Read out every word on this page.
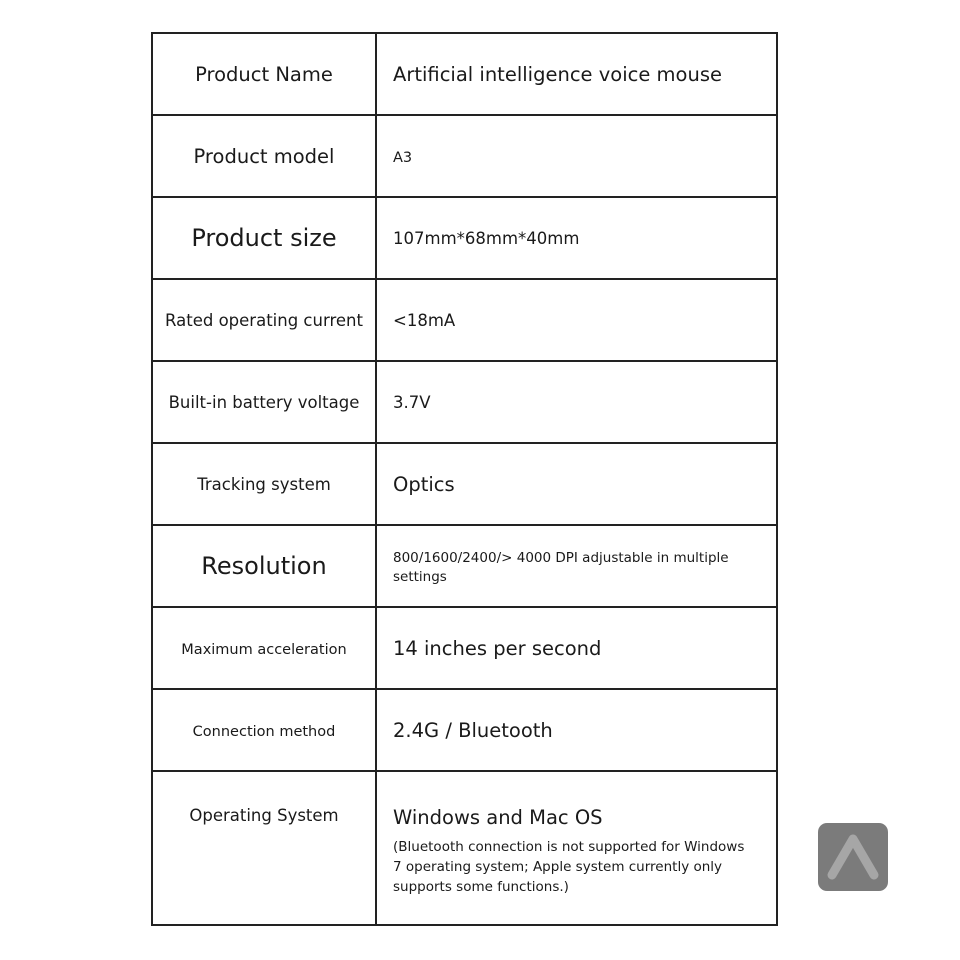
Product Name	Artificial intelligence voice mouse
Product model	A3
Product size	107mm*68mm*40mm
Rated operating current	<18mA
Built-in battery voltage	3.7V
Tracking system	Optics
Resolution	800/1600/2400/> 4000 DPI adjustable in multiple settings
Maximum acceleration	14 inches per second
Connection method	2.4G / Bluetooth
Operating System	Windows and Mac OS
(Bluetooth connection is not supported for Windows 7 operating system; Apple system currently only supports some functions.)
